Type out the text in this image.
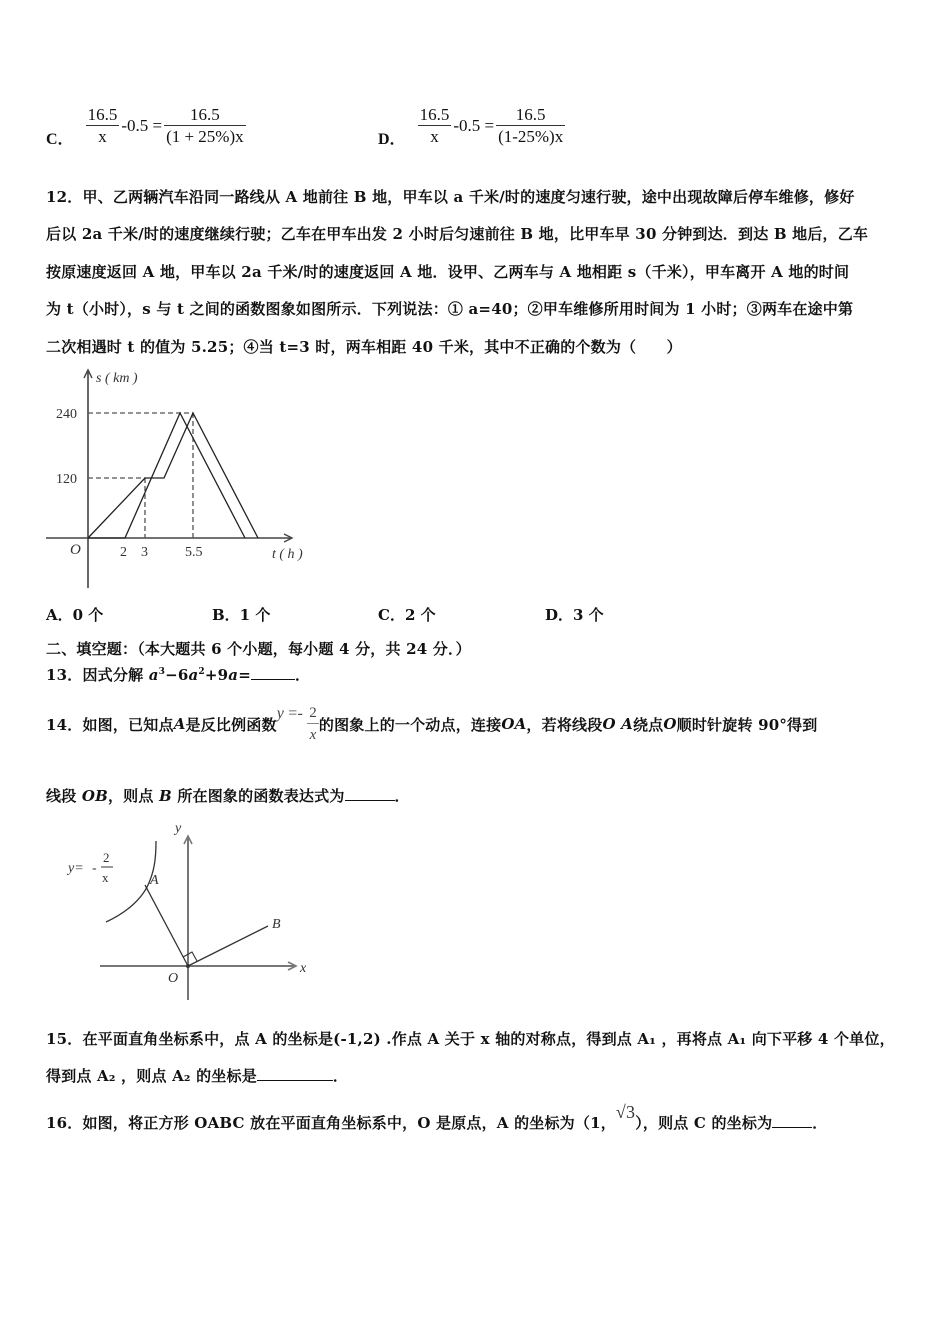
C． $\frac{16.5}{x} -0.5 = \frac{16.5}{(1 + 25\%)x}$	D． $\frac{16.5}{x} -0.5 = \frac{16.5}{(1-25\%)x}$
12．甲、乙两辆汽车沿同一路线从 A 地前往 B 地，甲车以 a 千米/时的速度匀速行驶，途中出现故障后停车维修，修好
后以 2a 千米/时的速度继续行驶；乙车在甲车出发 2 小时后匀速前往 B 地，比甲车早 30 分钟到达．到达 B 地后，乙车
按原速度返回 A 地，甲车以 2a 千米/时的速度返回 A 地．设甲、乙两车与 A 地相距 s（千米），甲车离开 A 地的时间
为 t（小时），s 与 t 之间的函数图象如图所示．下列说法：① a=40；②甲车维修所用时间为 1 小时；③两车在途中第
二次相遇时 t 的值为 5.25；④当 t=3 时，两车相距 40 千米，其中不正确的个数为（　　）
s ( km )
240
120
O	2 3	5.5	t ( h )
A．0 个	B．1 个	C．2 个	D．3 个
二、填空题：（本大题共 6 个小题，每小题 4 分，共 24 分．）
13．因式分解 $a^3-6a^2+9a=$	．
14．如图，已知点 A 是反比例函数
$y =- \frac{2}{x}$ 的图象上的一个动点，连接 OA ，若将线段 O A 绕点 O 顺时针旋转 90°得到
线段 OB，则点 B 所在图象的函数表达式为	．
y= -
2
x	A
B
O
x
y
15．在平面直角坐标系中，点 A 的坐标是(-1,2) .作点 A 关于 x 轴的对称点，得到点 A₁ ，再将点 A₁ 向下平移 4 个单位，
得到点 A₂ ，则点 A₂ 的坐标是	．
16．如图，将正方形 OABC 放在平面直角坐标系中，O 是原点，A 的坐标为（1，√3），则点 C 的坐标为	．
